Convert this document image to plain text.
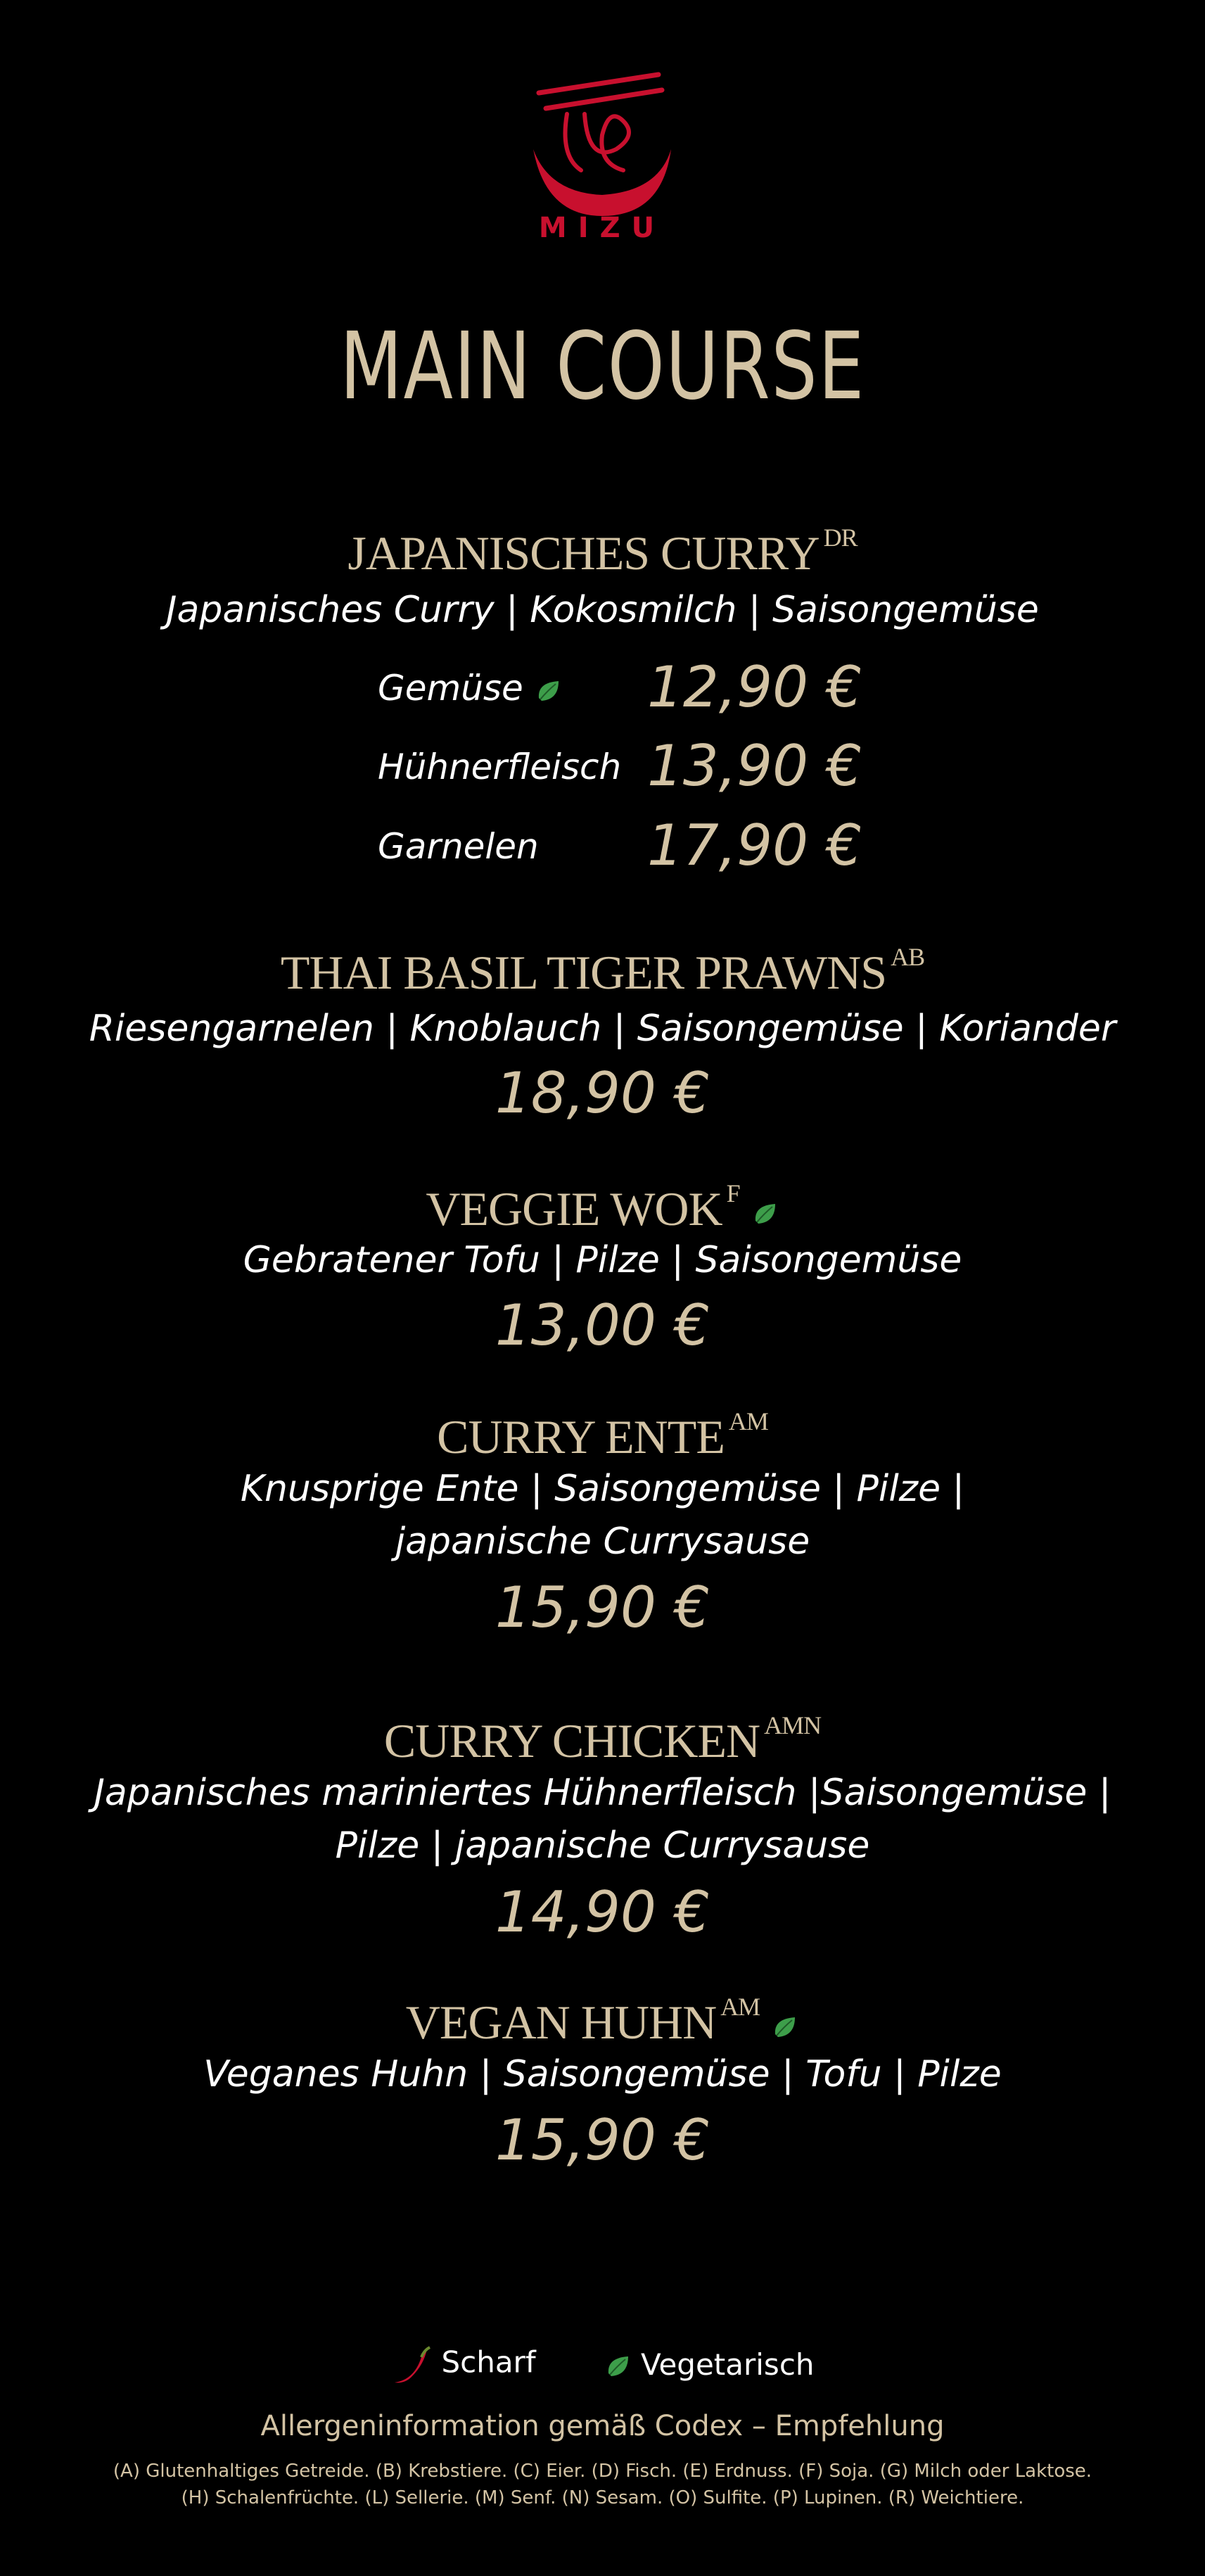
MIZU
MAIN COURSE
JAPANISCHES CURRY $^{DR}$
Japanisches Curry | Kokosmilch | Saisongemüse
Gemüse	12,90 €
Hühnerfleisch 13,90 €
Garnelen 17,90 €
THAI BASIL TIGER PRAWNS $^{AB}$
Riesengarnelen | Knoblauch | Saisongemüse | Koriander
18,90 €
VEGGIE WOK $^F$
Gebratener Tofu | Pilze | Saisongemüse
13,00 €
CURRY ENTE $^{AM}$
Knusprige Ente | Saisongemüse | Pilze |
japanische Currysause
15,90 €
CURRY CHICKEN $^{AMN}$
Japanisches mariniertes Hühnerfleisch |Saisongemüse |
Pilze | japanische Currysause
14,90 €
VEGAN HUHN $^{AM}$
Veganes Huhn | Saisongemüse | Tofu | Pilze
15,90 €
Scharf	Vegetarisch
Allergeninformation gemäß Codex – Empfehlung
(A) Glutenhaltiges Getreide. (B) Krebstiere. (C) Eier. (D) Fisch. (E) Erdnuss. (F) Soja. (G) Milch oder Laktose.
(H) Schalenfrüchte. (L) Sellerie. (M) Senf. (N) Sesam. (O) Sulfite. (P) Lupinen. (R) Weichtiere.
